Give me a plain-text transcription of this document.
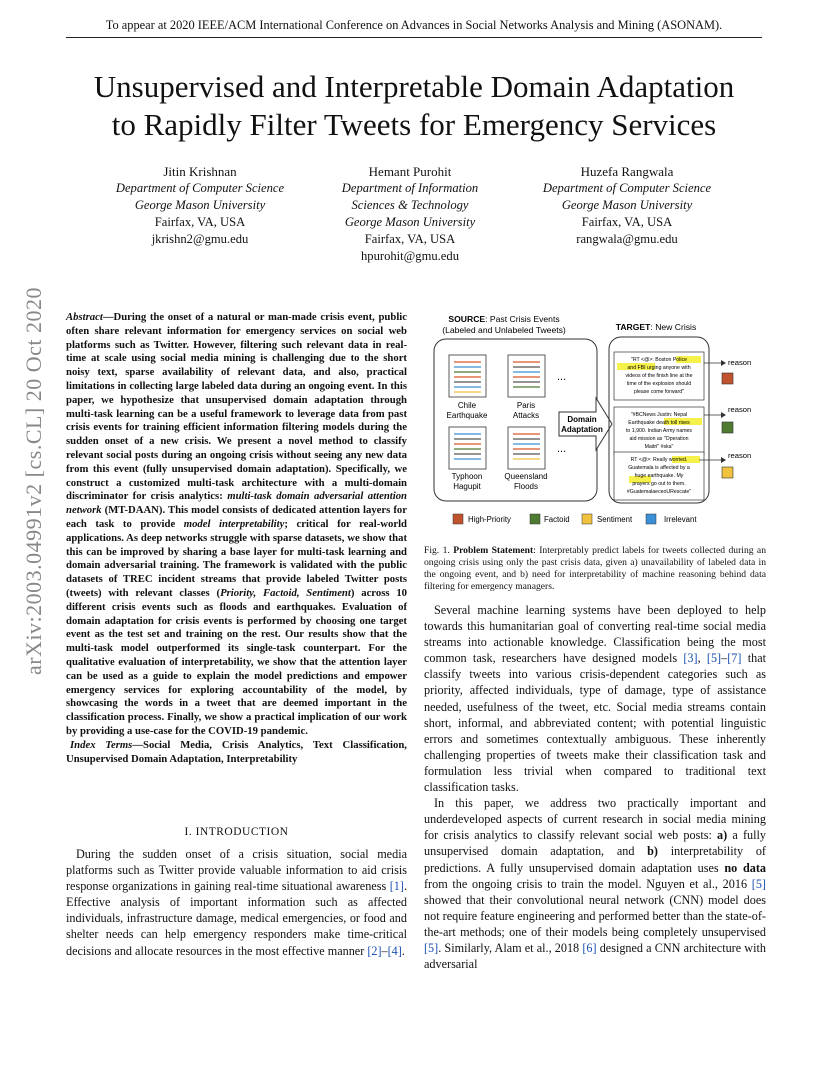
To appear at 2020 IEEE/ACM International Conference on Advances in Social Networks Analysis and Mining (ASONAM).
Unsupervised and Interpretable Domain Adaptation
to Rapidly Filter Tweets for Emergency Services
Jitin Krishnan
Department of Computer Science
George Mason University
Fairfax, VA, USA
jkrishn2@gmu.edu
Hemant Purohit
Department of Information
Sciences & Technology
George Mason University
Fairfax, VA, USA
hpurohit@gmu.edu
Huzefa Rangwala
Department of Computer Science
George Mason University
Fairfax, VA, USA
rangwala@gmu.edu
arXiv:2003.04991v2 [cs.CL] 20 Oct 2020 Abstract—During the onset of a natural or man-made crisis event, public often share relevant information for emergency services on social web platforms such as Twitter. However, filtering such relevant data in real-time at scale using social media mining is challenging due to the short noisy text, sparse availability of relevant data, and also, practical limitations in collecting large labeled data during an ongoing event. In this paper, we hypothesize that unsupervised domain adaptation through multi-task learning can be a useful framework to leverage data from past crisis events for training efficient information filtering models during the sudden onset of a new crisis. We present a novel method to classify relevant social posts during an ongoing crisis without seeing any new data from this event (fully unsupervised domain adaptation). Specifically, we construct a customized multi-task architecture with a multi-domain discriminator for crisis analytics: multi-task domain adversarial attention network (MT-DAAN). This model consists of dedicated attention layers for each task to provide model interpretability; critical for real-world applications. As deep networks struggle with sparse datasets, we show that this can be improved by sharing a base layer for multi-task learning and domain adversarial training. The framework is validated with the public datasets of TREC incident streams that provide labeled Twitter posts (tweets) with relevant classes (Priority, Factoid, Sentiment) across 10 different crisis events such as floods and earthquakes. Evaluation of domain adaptation for crisis events is performed by choosing one target event as the test set and training on the rest. Our results show that the multi-task model outperformed its single-task counterpart. For the qualitative evaluation of interpretability, we show that the attention layer can be used as a guide to explain the model predictions and empower emergency services for exploring accountability of the model, by showcasing the words in a tweet that are deemed important in the classification process. Finally, we show a practical implication of our work by providing a use-case for the COVID-19 pandemic.

Index Terms—Social Media, Crisis Analytics, Text Classification, Unsupervised Domain Adaptation, Interpretability

I. INTRODUCTION

During the sudden onset of a crisis situation, social media platforms such as Twitter provide valuable information to aid crisis response organizations in gaining real-time situational awareness [1]. Effective analysis of important information such as affected individuals, infrastructure damage, medical emergencies, or food and shelter needs can help emergency responders make time-critical decisions and allocate resources in the most effective manner [2]–[4].

SOURCE: Past Crisis Events
(Labeled and Unlabeled Tweets)	TARGET: New Crisis
Chile
Earthquake
Paris
Attacks
...
Typhoon
Hagupit
Queensland
Floods
...
Domain
Adaptation
"RT <@>: Boston Police
and FBI urging anyone with
videos of the finish line at the
time of the explosion should
please come forward"
reason
"#BCNews Justin: Nepal
Earthquake death toll rises
to 1,900. Indian Army names
aid mission as "Operation
Maitri" #ska"
reason
RT <@>: Really worried.
Guatemala is affected by a
huge earthquake. My
prayers go out to them.
#GuatemalaeceoURescate"
reason
High-Priority	Factoid	Sentiment	Irrelevant
Fig. 1. Problem Statement: Interpretably predict labels for tweets collected during an ongoing crisis using only the past crisis data, given a) unavailability of labeled data in the ongoing event, and b) need for interpretability of machine reasoning behind data filtering for emergency managers.

Several machine learning systems have been deployed to help towards this humanitarian goal of converting real-time social media streams into actionable knowledge. Classification being the most common task, researchers have designed models [3], [5]–[7] that classify tweets into various crisis-dependent categories such as priority, affected individuals, type of damage, type of assistance needed, usefulness of the tweet, etc. Social media streams contain short, informal, and abbreviated content; with potential linguistic errors and sometimes contextually ambiguous. These inherently challenging properties of tweets make their classification task and formulation less trivial when compared to traditional text classification tasks.

In this paper, we address two practically important and underdeveloped aspects of current research in social media mining for crisis analytics to classify relevant social web posts: a) a fully unsupervised domain adaptation, and b) interpretability of predictions. A fully unsupervised domain adaptation uses no data from the ongoing crisis to train the model. Nguyen et al., 2016 [5] showed that their convolutional neural network (CNN) model does not require feature engineering and performed better than the state-of-the-art methods; one of their models being completely unsupervised [5]. Similarly, Alam et al., 2018 [6] designed a CNN architecture with adversarial
